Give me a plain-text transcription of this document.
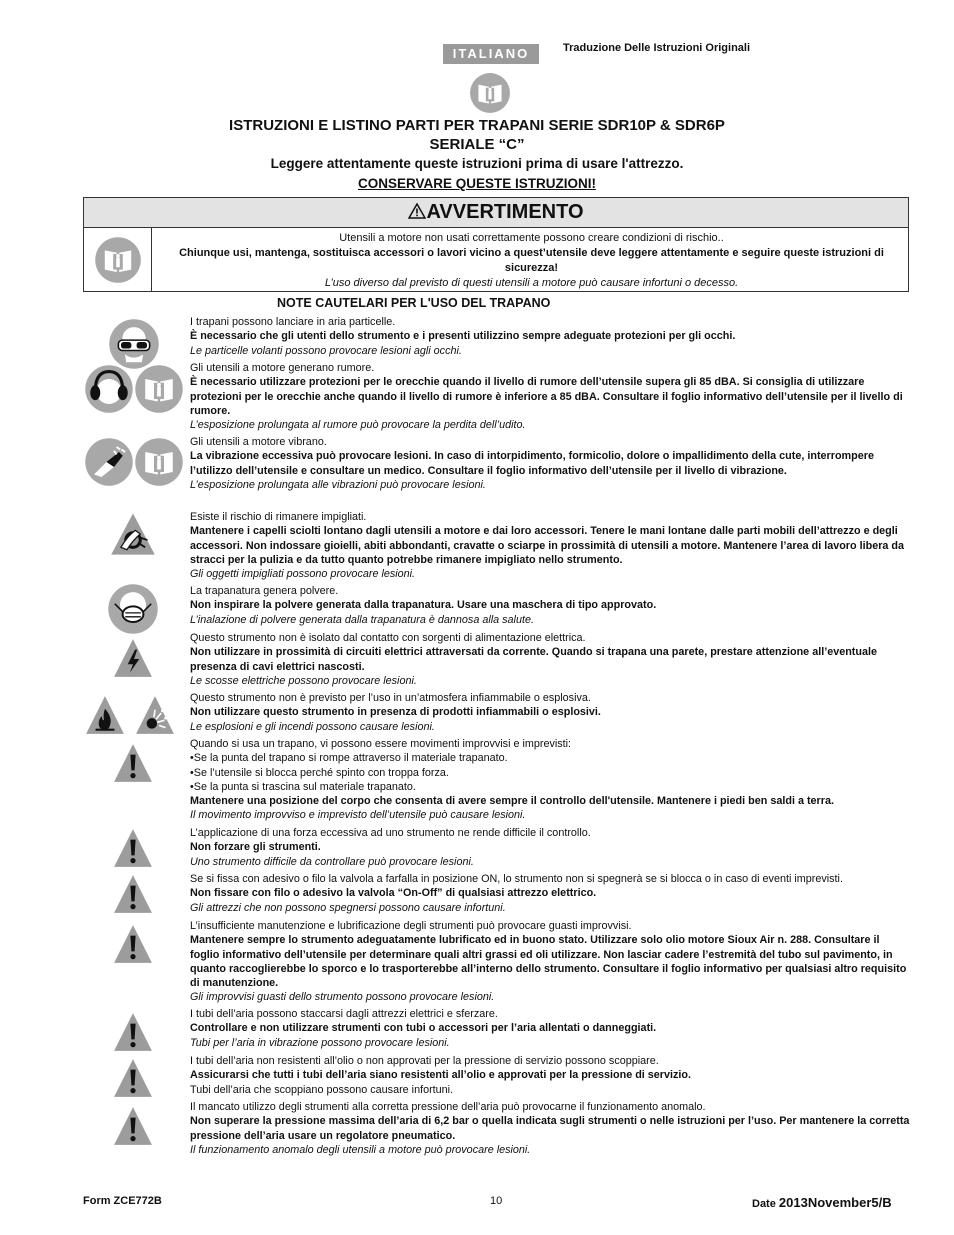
ITALIANO	Traduzione Delle Istruzioni Originali
ISTRUZIONI E LISTINO PARTI PER TRAPANI SERIE SDR10P & SDR6P
SERIALE “C”
Leggere attentamente queste istruzioni prima di usare l'attrezzo.
CONSERVARE QUESTE ISTRUZIONI!
AVVERTIMENTO
Utensili a motore non usati correttamente possono creare condizioni di rischio..
Chiunque usi, mantenga, sostituisca accessori o lavori vicino a quest’utensile deve leggere attentamente e seguire queste istruzioni di sicurezza!
L’uso diverso dal previsto di questi utensili a motore può causare infortuni o decesso.
NOTE CAUTELARI PER L'USO DEL TRAPANO
I trapani possono lanciare in aria particelle.
È necessario che gli utenti dello strumento e i presenti utilizzino sempre adeguate protezioni per gli occhi.
Le particelle volanti possono provocare lesioni agli occhi.
Gli utensili a motore generano rumore.
È necessario utilizzare protezioni per le orecchie quando il livello di rumore dell’utensile supera gli 85 dBA. Si consiglia di utilizzare protezioni per le orecchie anche quando il livello di rumore è inferiore a 85 dBA. Consultare il foglio informativo dell’utensile per il livello di rumore.
L’esposizione prolungata al rumore può provocare la perdita dell’udito.
Gli utensili a motore vibrano.
La vibrazione eccessiva può provocare lesioni. In caso di intorpidimento, formicolio, dolore o impallidimento della cute, interrompere l’utilizzo dell’utensile e consultare un medico. Consultare il foglio informativo dell’utensile per il livello di vibrazione.
L’esposizione prolungata alle vibrazioni può provocare lesioni.
Esiste il rischio di rimanere impigliati.
Mantenere i capelli sciolti lontano dagli utensili a motore e dai loro accessori. Tenere le mani lontane dalle parti mobili dell’attrezzo e degli accessori. Non indossare gioielli, abiti abbondanti, cravatte o sciarpe in prossimità di utensili a motore. Mantenere l’area di lavoro libera da stracci per la pulizia e da tutto quanto potrebbe rimanere impigliato nello strumento.
Gli oggetti impigliati possono provocare lesioni.
La trapanatura genera polvere.
Non inspirare la polvere generata dalla trapanatura. Usare una maschera di tipo approvato.
L’inalazione di polvere generata dalla trapanatura è dannosa alla salute.
Questo strumento non è isolato dal contatto con sorgenti di alimentazione elettrica.
Non utilizzare in prossimità di circuiti elettrici attraversati da corrente. Quando si trapana una parete, prestare attenzione all’eventuale presenza di cavi elettrici nascosti.
Le scosse elettriche possono provocare lesioni.
Questo strumento non è previsto per l’uso in un’atmosfera infiammabile o esplosiva.
Non utilizzare questo strumento in presenza di prodotti infiammabili o esplosivi.
Le esplosioni e gli incendi possono causare lesioni.
Quando si usa un trapano, vi possono essere movimenti improvvisi e imprevisti:
•Se la punta del trapano si rompe attraverso il materiale trapanato.
•Se l’utensile si blocca perché spinto con troppa forza.
•Se la punta si trascina sul materiale trapanato.
Mantenere una posizione del corpo che consenta di avere sempre il controllo dell'utensile. Mantenere i piedi ben saldi a terra.
Il movimento improvviso e imprevisto dell’utensile può causare lesioni.
L’applicazione di una forza eccessiva ad uno strumento ne rende difficile il controllo.
Non forzare gli strumenti.
Uno strumento difficile da controllare può provocare lesioni.
Se si fissa con adesivo o filo la valvola a farfalla in posizione ON, lo strumento non si spegnerà se si blocca o in caso di eventi imprevisti.
Non fissare con filo o adesivo la valvola “On-Off” di qualsiasi attrezzo elettrico.
Gli attrezzi che non possono spegnersi possono causare infortuni.
L’insufficiente manutenzione e lubrificazione degli strumenti può provocare guasti improvvisi.
Mantenere sempre lo strumento adeguatamente lubrificato ed in buono stato. Utilizzare solo olio motore Sioux Air n. 288. Consultare il foglio informativo dell’utensile per determinare quali altri grassi ed oli utilizzare. Non lasciar cadere l’estremità del tubo sul pavimento, in quanto raccoglierebbe lo sporco e lo trasporterebbe all’interno dello strumento. Consultare il foglio informativo per qualsiasi altro requisito di manutenzione.
Gli improvvisi guasti dello strumento possono provocare lesioni.
I tubi dell’aria possono staccarsi dagli attrezzi elettrici e sferzare.
Controllare e non utilizzare strumenti con tubi o accessori per l’aria allentati o danneggiati.
Tubi per l’aria in vibrazione possono provocare lesioni.
I tubi dell’aria non resistenti all’olio o non approvati per la pressione di servizio possono scoppiare.
Assicurarsi che tutti i tubi dell’aria siano resistenti all’olio e approvati per la pressione di servizio.
Tubi dell’aria che scoppiano possono causare infortuni.
Il mancato utilizzo degli strumenti alla corretta pressione dell’aria può provocarne il funzionamento anomalo.
Non superare la pressione massima dell’aria di 6,2 bar o quella indicata sugli strumenti o nelle istruzioni per l’uso. Per mantenere la corretta pressione dell’aria usare un regolatore pneumatico.
Il funzionamento anomalo degli utensili a motore può provocare lesioni.
Form ZCE772B	10	Date 2013November5/B
